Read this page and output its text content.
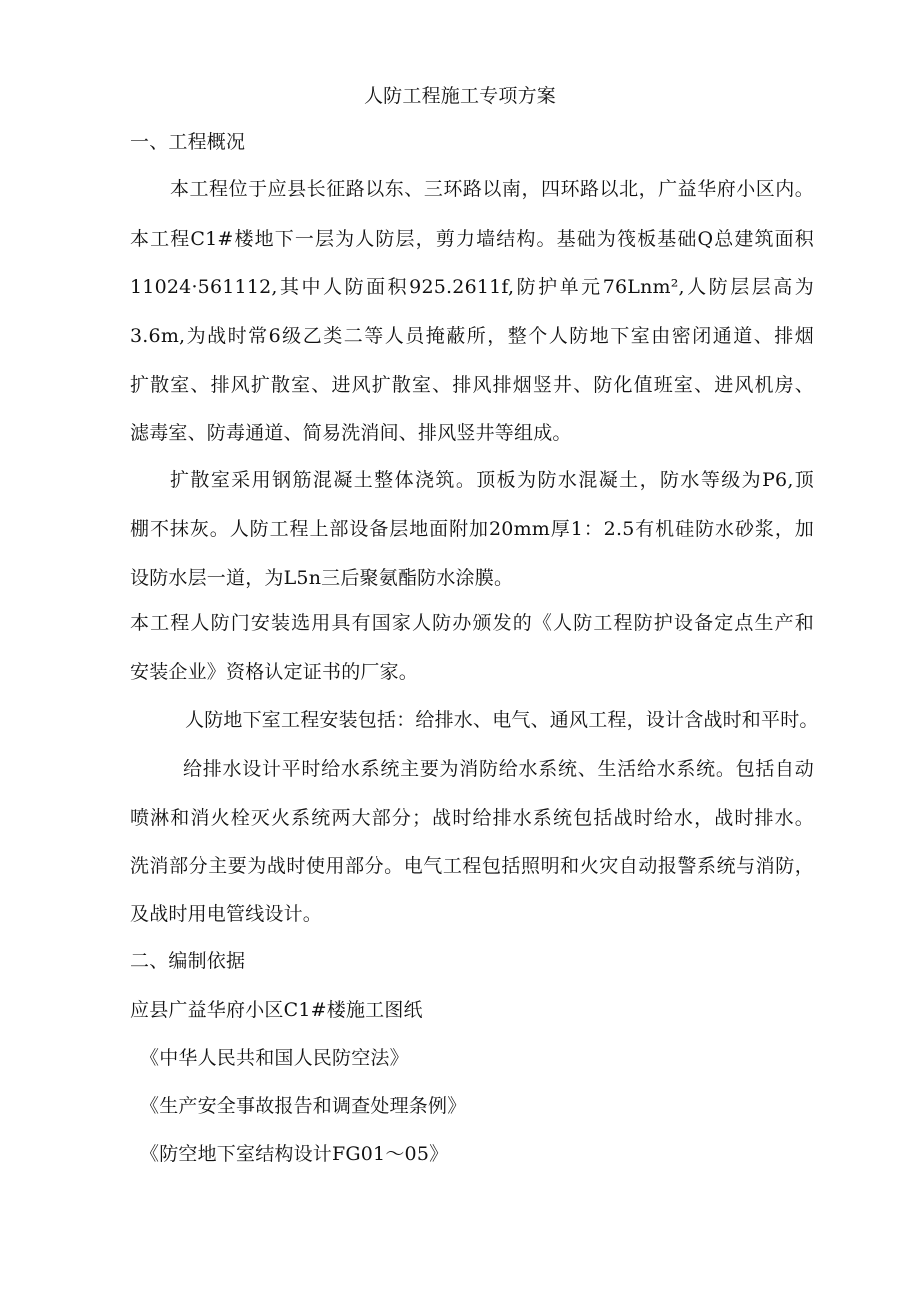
人防工程施工专项方案
一、工程概况
本工程位于应县长征路以东、三环路以南，四环路以北，广益华府小区内。
本工程C1#楼地下一层为人防层，剪力墙结构。基础为筏板基础Q总建筑面积
11024·561112,其中人防面积925.2611f,防护单元76Lnm²,人防层层高为
3.6m,为战时常6级乙类二等人员掩蔽所，整个人防地下室由密闭通道、排烟
扩散室、排风扩散室、进风扩散室、排风排烟竖井、防化值班室、进风机房、
滤毒室、防毒通道、简易洗消间、排风竖井等组成。
扩散室采用钢筋混凝土整体浇筑。顶板为防水混凝土，防水等级为P6,顶
棚不抹灰。人防工程上部设备层地面附加20mm厚1：2.5有机硅防水砂浆，加
设防水层一道，为L5n三后聚氨酯防水涂膜。
本工程人防门安装选用具有国家人防办颁发的《人防工程防护设备定点生产和
安装企业》资格认定证书的厂家。
人防地下室工程安装包括：给排水、电气、通风工程，设计含战时和平时。
给排水设计平时给水系统主要为消防给水系统、生活给水系统。包括自动
喷淋和消火栓灭火系统两大部分；战时给排水系统包括战时给水，战时排水。
洗消部分主要为战时使用部分。电气工程包括照明和火灾自动报警系统与消防，
及战时用电管线设计。
二、编制依据
应县广益华府小区C1#楼施工图纸
《中华人民共和国人民防空法》
《生产安全事故报告和调查处理条例》
《防空地下室结构设计FG01～05》
